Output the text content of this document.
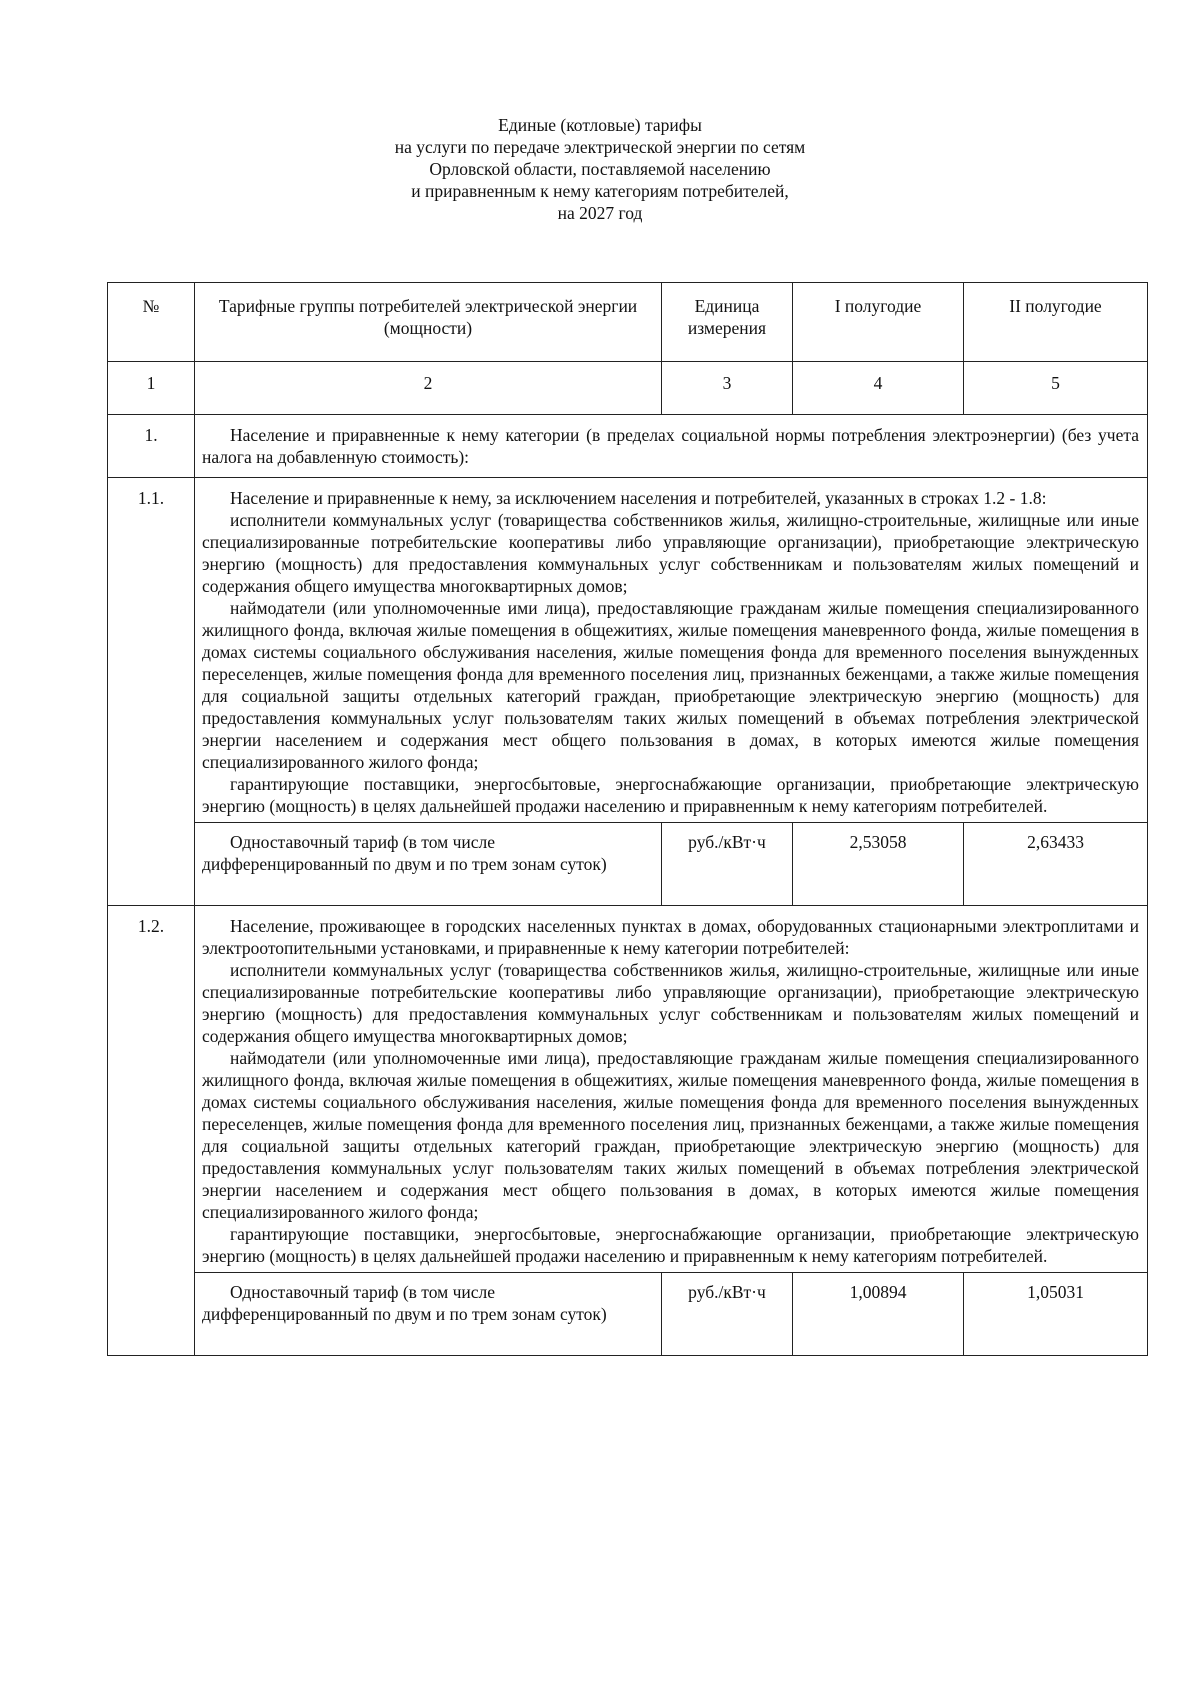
Единые (котловые) тарифы
на услуги по передаче электрической энергии по сетям
Орловской области, поставляемой населению
и приравненным к нему категориям потребителей,
на 2027 год
№	Тарифные группы потребителей электрической энергии (мощности)	Единица измерения	I полугодие	II полугодие
1	2	3	4	5
1.	Население и приравненные к нему категории (в пределах социальной нормы потребления электроэнергии) (без учета налога на добавленную стоимость):			

1.1.	Население и приравненные к нему, за исключением населения и потребителей, указанных в строках 1.2 - 1.8:

исполнители коммунальных услуг (товарищества собственников жилья, жилищно-строительные, жилищные или иные специализированные потребительские кооперативы либо управляющие организации), приобретающие электрическую энергию (мощность) для предоставления коммунальных услуг собственникам и пользователям жилых помещений и содержания общего имущества многоквартирных домов;

наймодатели (или уполномоченные ими лица), предоставляющие гражданам жилые помещения специализированного жилищного фонда, включая жилые помещения в общежитиях, жилые помещения маневренного фонда, жилые помещения в домах системы социального обслуживания населения, жилые помещения фонда для временного поселения вынужденных переселенцев, жилые помещения фонда для временного поселения лиц, признанных беженцами, а также жилые помещения для социальной защиты отдельных категорий граждан, приобретающие электрическую энергию (мощность) для предоставления коммунальных услуг пользователям таких жилых помещений в объемах потребления электрической энергии населением и содержания мест общего пользования в домах, в которых имеются жилые помещения специализированного жилого фонда;

гарантирующие поставщики, энергосбытовые, энергоснабжающие организации, приобретающие электрическую энергию (мощность) в целях дальнейшей продажи населению и приравненным к нему категориям потребителей.			

	Одноставочный тариф (в том числе дифференцированный по двум и по трем зонам суток)	руб./кВт·ч	2,53058	2,63433
1.2.	Население, проживающее в городских населенных пунктах в домах, оборудованных стационарными электроплитами и электроотопительными установками, и приравненные к нему категории потребителей:

исполнители коммунальных услуг (товарищества собственников жилья, жилищно-строительные, жилищные или иные специализированные потребительские кооперативы либо управляющие организации), приобретающие электрическую энергию (мощность) для предоставления коммунальных услуг собственникам и пользователям жилых помещений и содержания общего имущества многоквартирных домов;

наймодатели (или уполномоченные ими лица), предоставляющие гражданам жилые помещения специализированного жилищного фонда, включая жилые помещения в общежитиях, жилые помещения маневренного фонда, жилые помещения в домах системы социального обслуживания населения, жилые помещения фонда для временного поселения вынужденных переселенцев, жилые помещения фонда для временного поселения лиц, признанных беженцами, а также жилые помещения для социальной защиты отдельных категорий граждан, приобретающие электрическую энергию (мощность) для предоставления коммунальных услуг пользователям таких жилых помещений в объемах потребления электрической энергии населением и содержания мест общего пользования в домах, в которых имеются жилые помещения специализированного жилого фонда;

гарантирующие поставщики, энергосбытовые, энергоснабжающие организации, приобретающие электрическую энергию (мощность) в целях дальнейшей продажи населению и приравненным к нему категориям потребителей.			

	Одноставочный тариф (в том числе дифференцированный по двум и по трем зонам суток)	руб./кВт·ч	1,00894	1,05031
